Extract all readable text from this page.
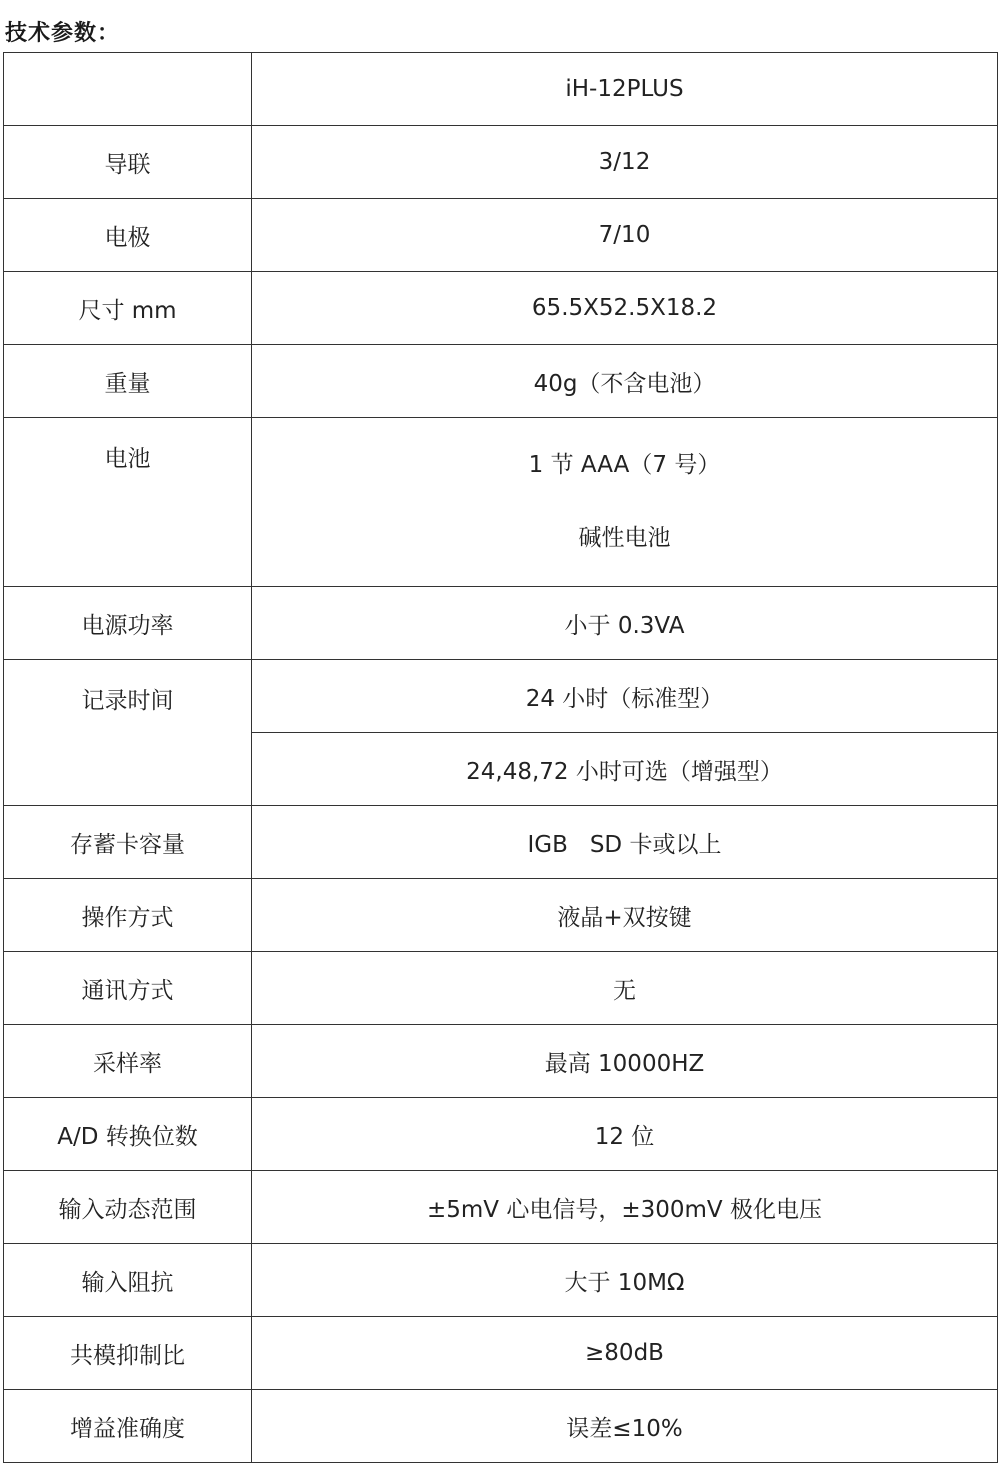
技术参数：
	iH-12PLUS
导联	3/12
电极	7/10
尺寸 mm	65.5X52.5X18.2
重量	40g（不含电池）
电池	1 节 AAA（7 号）
碱性电池

电源功率	小于 0.3VA
记录时间	24 小时（标准型）
	24,48,72 小时可选（增强型）
存蓄卡容量	IGB   SD 卡或以上
操作方式	液晶+双按键
通讯方式	无
采样率	最高 10000HZ
A/D 转换位数	12 位
输入动态范围	±5mV 心电信号，±300mV 极化电压
输入阻抗	大于 10MΩ
共模抑制比	≥80dB
增益准确度	误差≤10%
